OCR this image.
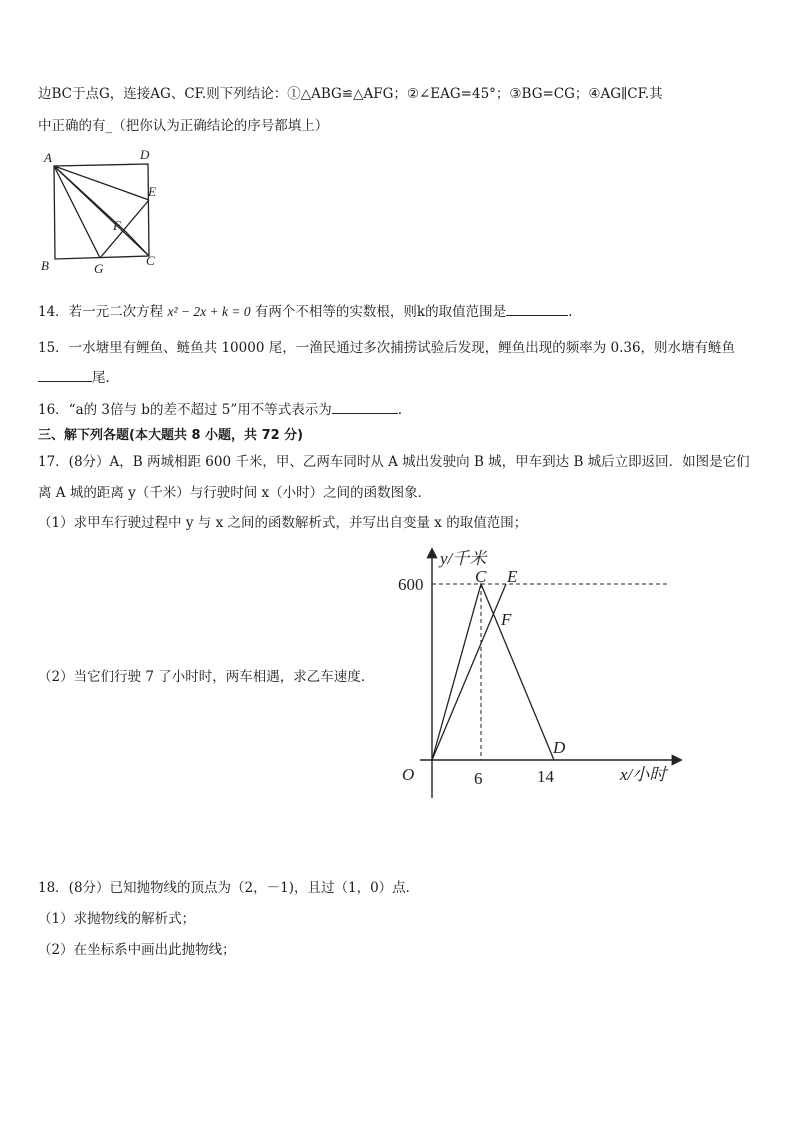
边BC于点G，连接AG、CF.则下列结论：①△ABG≌△AFG；②∠EAG=45°；③BG=CG；④AG∥CF.其
中正确的有_（把你认为正确结论的序号都填上）
A	D
E
F
B	G
C
14．若一元二次方程 x² − 2x + k = 0 有两个不相等的实数根，则k的取值范围是	.
15．一水塘里有鲤鱼、鲢鱼共 10000 尾，一渔民通过多次捕捞试验后发现，鲤鱼出现的频率为 0.36，则水塘有鲢鱼
尾.
16．“a的 3倍与 b的差不超过 5”用不等式表示为	.
三、解下列各题(本大题共 8 小题，共 72 分)
17．(8分）A，B 两城相距 600 千米，甲、乙两车同时从 A 城出发驶向 B 城，甲车到达 B 城后立即返回．如图是它们
离 A 城的距离 y（千米）与行驶时间 x（小时）之间的函数图象．
（1）求甲车行驶过程中 y 与 x 之间的函数解析式，并写出自变量 x 的取值范围；
（2）当它们行驶 7 了小时时，两车相遇，求乙车速度．
y/千米
x/小时
600
6	14
O
C E
F
D
18．(8分）已知抛物线的顶点为（2，－1)，且过（1，0）点．
（1）求抛物线的解析式；
（2）在坐标系中画出此抛物线；
